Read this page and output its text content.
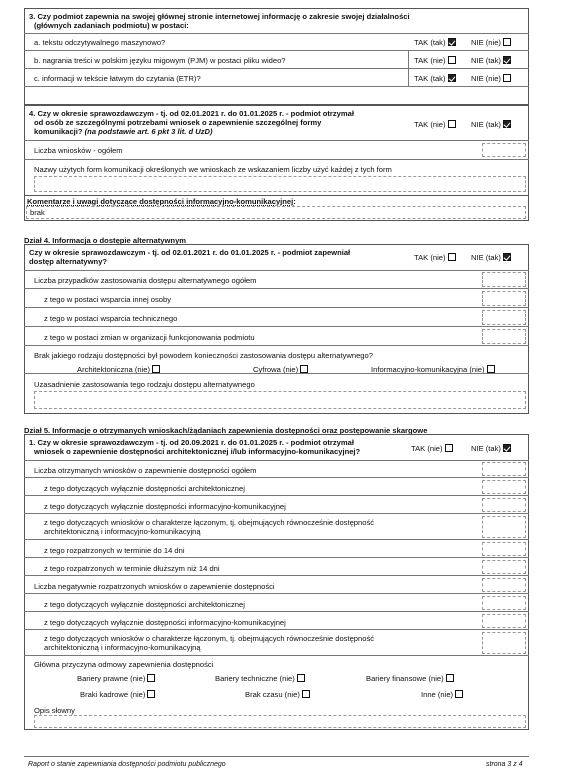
3. Czy podmiot zapewnia na swojej głównej stronie internetowej informację o zakresie swojej działalności
(głównych zadaniach podmiotu) w postaci:
a. tekstu odczytywalnego maszynowo?	TAK (tak)	NIE (nie)
b. nagrania treści w polskim języku migowym (PJM) w postaci pliku wideo?	TAK (nie)	NIE (tak)
c. informacji w tekście łatwym do czytania (ETR)?	TAK (tak)	NIE (nie)
4. Czy w okresie sprawozdawczym - tj. od 02.01.2021 r. do 01.01.2025 r. - podmiot otrzymał
od osób ze szczególnymi potrzebami wniosek o zapewnienie szczególnej formy
komunikacji? (na podstawie art. 6 pkt 3 lit. d UzD)
TAK (nie)	NIE (tak)
Liczba wniosków - ogółem
Nazwy użytych form komunikacji określonych we wnioskach ze wskazaniem liczby użyć każdej z tych form
Komentarze i uwagi dotyczące dostępności informacyjno-komunikacyjnej:
brak
Dział 4. Informacja o dostępie alternatywnym
Czy w okresie sprawozdawczym - tj. od 02.01.2021 r. do 01.01.2025 r. - podmiot zapewniał
dostęp alternatywny?	TAK (nie)	NIE (tak)
Liczba przypadków zastosowania dostępu alternatywnego ogółem
z tego w postaci wsparcia innej osoby
z tego w postaci wsparcia technicznego
z tego w postaci zmian w organizacji funkcjonowania podmiotu
Brak jakiego rodzaju dostępności był powodem konieczności zastosowania dostępu alternatywnego?
Architektoniczna (nie)	Cyfrowa (nie)	Informacyjno-komunikacyjna (nie)
Uzasadnienie zastosowania tego rodzaju dostępu alternatywnego
Dział 5. Informacje o otrzymanych wnioskach/żądaniach zapewnienia dostępności oraz postępowanie skargowe
1. Czy w okresie sprawozdawczym - tj. od 20.09.2021 r. do 01.01.2025 r. - podmiot otrzymał
wniosek o zapewnienie dostępności architektonicznej i/lub informacyjno-komunikacyjnej?	TAK (nie)	NIE (tak)
Liczba otrzymanych wniosków o zapewnienie dostępności ogółem
z tego dotyczących wyłącznie dostępności architektonicznej
z tego dotyczących wyłącznie dostępności informacyjno-komunikacyjnej
z tego dotyczących wniosków o charakterze łączonym, tj. obejmujących równocześnie dostępność
architektoniczną i informacyjno-komunikacyjną
z tego rozpatrzonych w terminie do 14 dni
z tego rozpatrzonych w terminie dłuższym niż 14 dni
Liczba negatywnie rozpatrzonych wniosków o zapewnienie dostępności
z tego dotyczących wyłącznie dostępności architektonicznej
z tego dotyczących wyłącznie dostępności informacyjno-komunikacyjnej
z tego dotyczących wniosków o charakterze łączonym, tj. obejmujących równocześnie dostępność
architektoniczną i informacyjno-komunikacyjną
Główna przyczyna odmowy zapewnienia dostępności
Bariery prawne (nie)	Bariery techniczne (nie)	Bariery finansowe (nie)
Braki kadrowe (nie)	Brak czasu (nie)	Inne (nie)
Opis słowny
Raport o stanie zapewniania dostępności podmiotu publicznego	strona 3 z 4
